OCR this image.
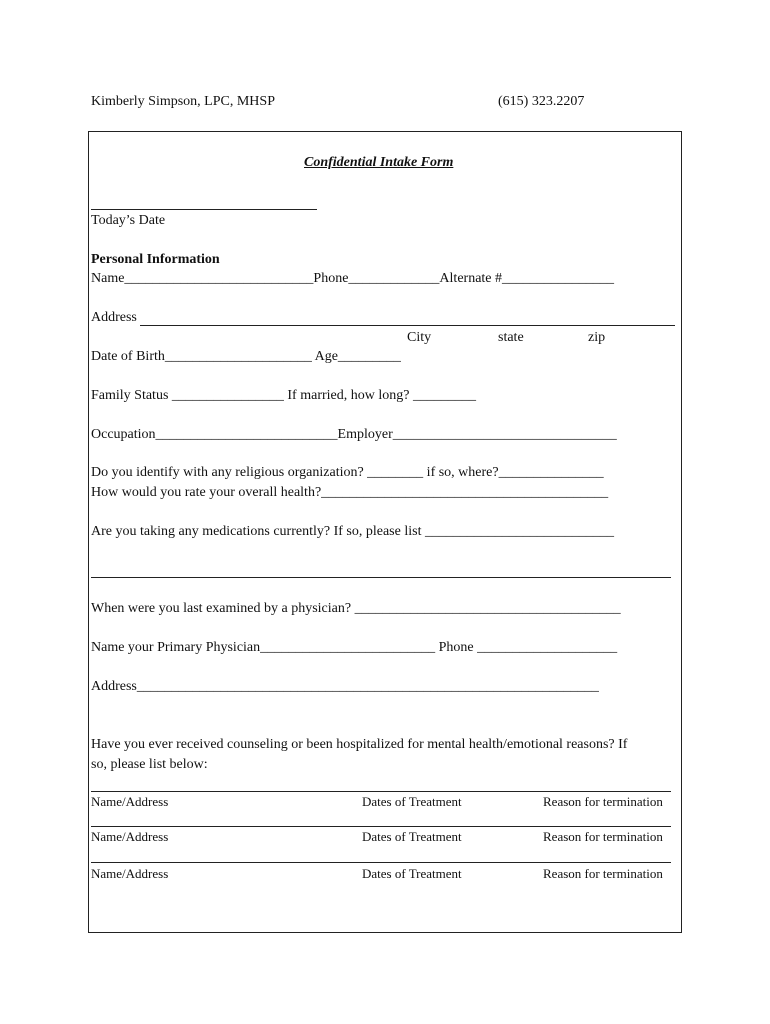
Kimberly Simpson, LPC, MHSP	(615) 323.2207
Confidential Intake Form
Today’s Date
Personal Information
Name___________________________Phone_____________Alternate #________________
Address
City	state	zip
Date of Birth_____________________ Age_________
Family Status ________________ If married, how long? _________
Occupation__________________________Employer________________________________
Do you identify with any religious organization? ________ if so, where?_______________
How would you rate your overall health?_________________________________________
Are you taking any medications currently? If so, please list ___________________________
When were you last examined by a physician? ______________________________________
Name your Primary Physician_________________________ Phone ____________________
Address__________________________________________________________________
Have you ever received counseling or been hospitalized for mental health/emotional reasons? If
so, please list below:
Name/Address	Dates of Treatment	Reason for termination
Name/Address	Dates of Treatment	Reason for termination
Name/Address	Dates of Treatment	Reason for termination
